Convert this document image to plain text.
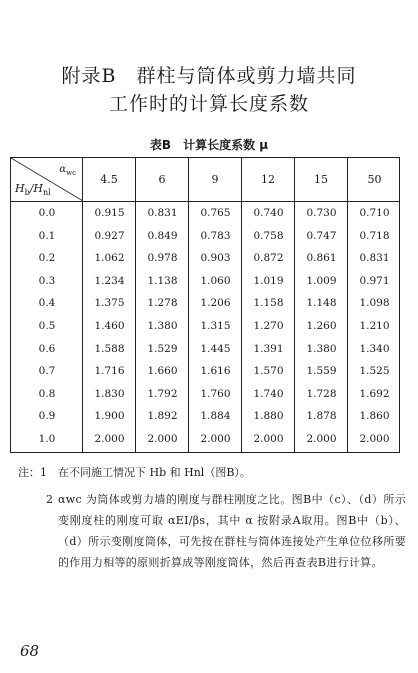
附录B　群柱与筒体或剪力墙共同
工作时的计算长度系数
表B　计算长度系数 μ
$\alpha_{wc}$
$H_b/H_{nl}$
4.5	6	9	12	15	50
0.0	0.915	0.831	0.765	0.740	0.730	0.710
0.1	0.927	0.849	0.783	0.758	0.747	0.718
0.2	1.062	0.978	0.903	0.872	0.861	0.831
0.3	1.234	1.138	1.060	1.019	1.009	0.971
0.4	1.375	1.278	1.206	1.158	1.148	1.098
0.5	1.460	1.380	1.315	1.270	1.260	1.210
0.6	1.588	1.529	1.445	1.391	1.380	1.340
0.7	1.716	1.660	1.616	1.570	1.559	1.525
0.8	1.830	1.792	1.760	1.740	1.728	1.692
0.9	1.900	1.892	1.884	1.880	1.878	1.860
1.0	2.000	2.000	2.000	2.000	2.000	2.000
注：1 在不同施工情况下 Hb 和 Hnl（图B）。
2 αwc 为筒体或剪力墙的刚度与群柱刚度之比。图B中（c）、（d）所示变刚度柱的刚度可取 αEI/βs，其中 α 按附录A取用。图B中（b）、（d）所示变刚度筒体，可先按在群柱与筒体连接处产生单位位移所要的作用力相等的原则折算成等刚度筒体，然后再查表B进行计算。
68
